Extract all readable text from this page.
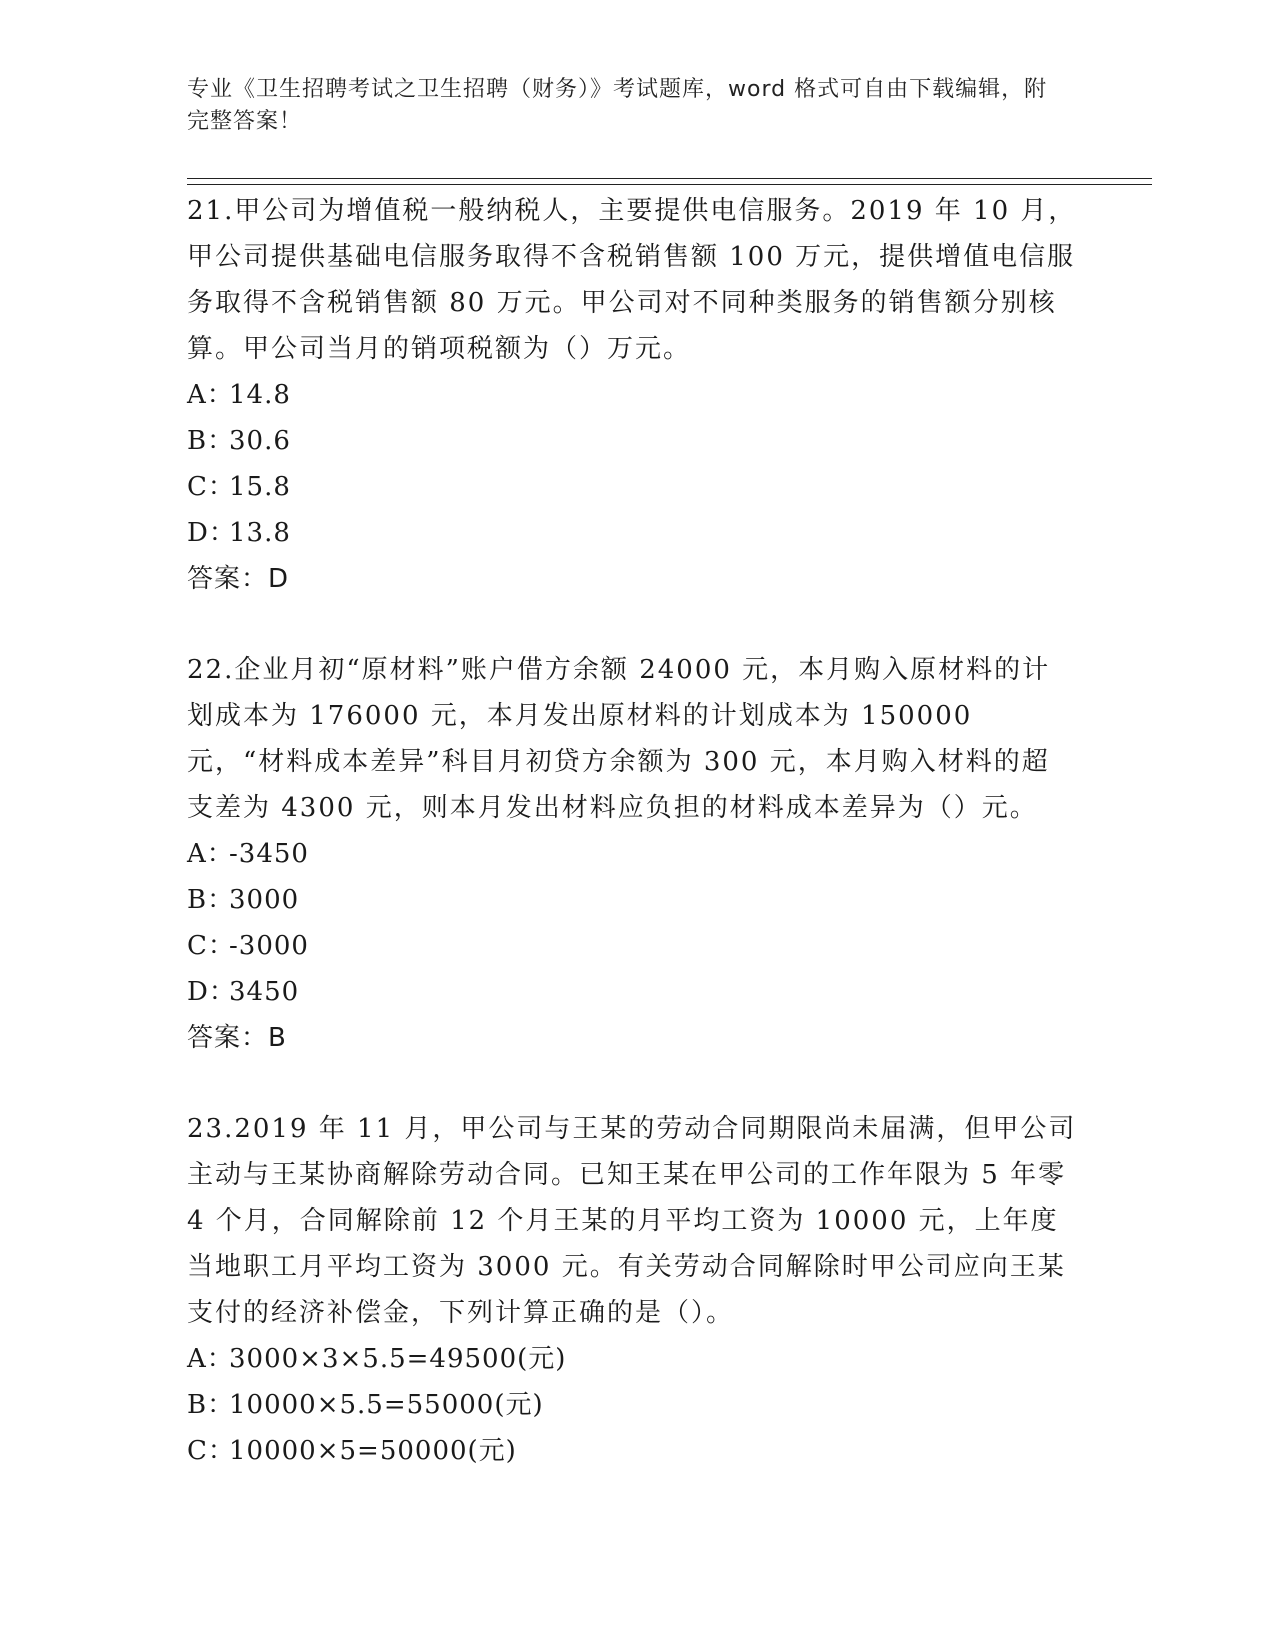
专业《卫生招聘考试之卫生招聘（财务）》考试题库，word 格式可自由下载编辑，附完整答案！

21.甲公司为增值税一般纳税人，主要提供电信服务。2019 年 10 月，甲公司提供基础电信服务取得不含税销售额 100 万元，提供增值电信服务取得不含税销售额 80 万元。甲公司对不同种类服务的销售额分别核算。甲公司当月的销项税额为（）万元。

A：14.8

B：30.6

C：15.8

D：13.8

答案：D

22.企业月初“原材料”账户借方余额 24000 元，本月购入原材料的计划成本为 176000 元，本月发出原材料的计划成本为 150000 元，“材料成本差异”科目月初贷方余额为 300 元，本月购入材料的超支差为 4300 元，则本月发出材料应负担的材料成本差异为（）元。

A：-3450

B：3000

C：-3000

D：3450

答案：B

23.2019 年 11 月，甲公司与王某的劳动合同期限尚未届满，但甲公司主动与王某协商解除劳动合同。已知王某在甲公司的工作年限为 5 年零 4 个月，合同解除前 12 个月王某的月平均工资为 10000 元，上年度当地职工月平均工资为 3000 元。有关劳动合同解除时甲公司应向王某支付的经济补偿金，下列计算正确的是（）。

A：3000×3×5.5=49500(元)

B：10000×5.5=55000(元)

C：10000×5=50000(元)
